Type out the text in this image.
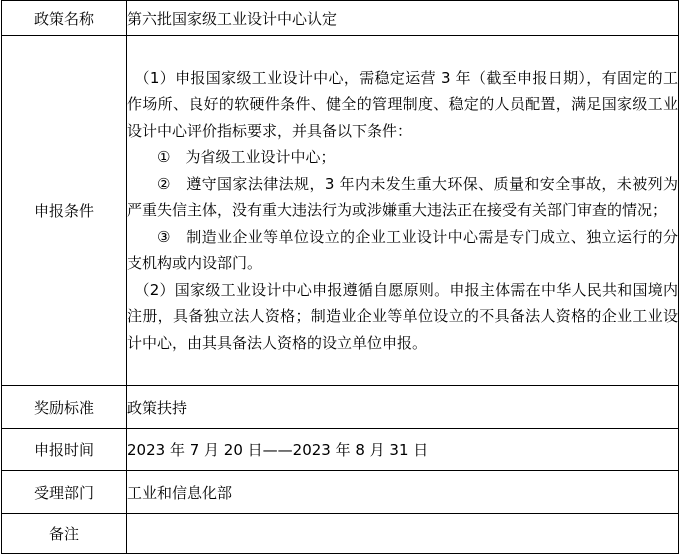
政策名称	第六批国家级工业设计中心认定
申报条件	（1）申报国家级工业设计中心，需稳定运营 3 年（截至申报日期），有固定的工作场所、良好的软硬件条件、健全的管理制度、稳定的人员配置，满足国家级工业设计中心评价指标要求，并具备以下条件：

①　为省级工业设计中心；

②　遵守国家法律法规，3 年内未发生重大环保、质量和安全事故，未被列为严重失信主体，没有重大违法行为或涉嫌重大违法正在接受有关部门审查的情况；

③　制造业企业等单位设立的企业工业设计中心需是专门成立、独立运行的分支机构或内设部门。

（2）国家级工业设计中心申报遵循自愿原则。申报主体需在中华人民共和国境内注册，具备独立法人资格；制造业企业等单位设立的不具备法人资格的企业工业设计中心，由其具备法人资格的设立单位申报。

奖励标准	政策扶持
申报时间	2023 年 7 月 20 日——2023 年 8 月 31 日
受理部门	工业和信息化部
备注	
